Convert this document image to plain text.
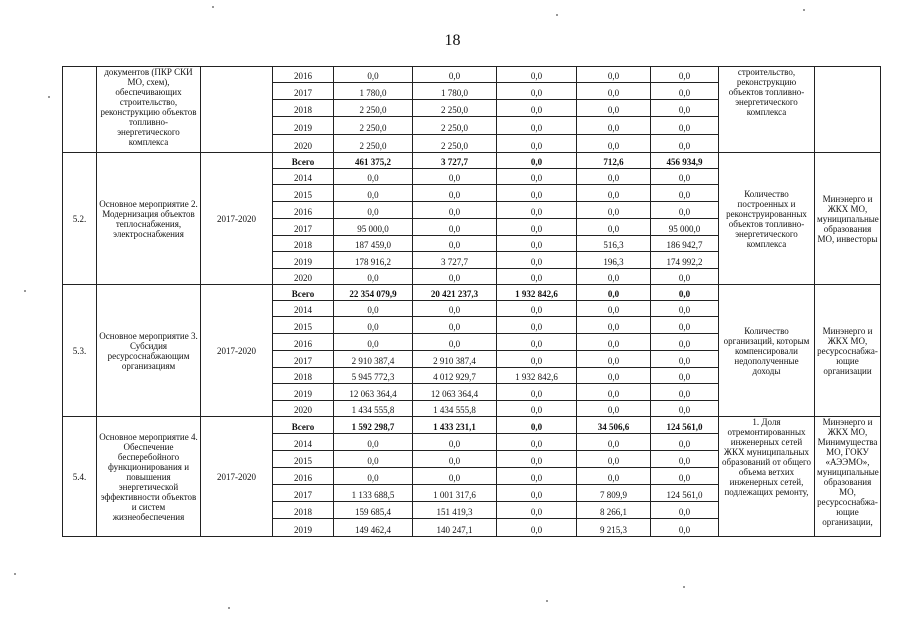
18
	документов (ПКР СКИ МО, схем), обеспечивающих строительство, реконструкцию объектов топливно-энергетического комплекса		2016	0,0	0,0	0,0	0,0	0,0	строительство, реконструкцию объектов топливно-энергетического комплекса	
			2017	1 780,0	1 780,0	0,0	0,0	0,0		
			2018	2 250,0	2 250,0	0,0	0,0	0,0		
			2019	2 250,0	2 250,0	0,0	0,0	0,0		
			2020	2 250,0	2 250,0	0,0	0,0	0,0		
5.2.	Основное мероприятие 2. Модернизация объектов теплоснабжения, электроснабжения	2017-2020	Всего	461 375,2	3 727,7	0,0	712,6	456 934,9	Количество построенных и реконструированных объектов топливно-энергетического комплекса	Минэнерго и ЖКХ МО, муниципальные образования МО, инвесторы
			2014	0,0	0,0	0,0	0,0	0,0		
			2015	0,0	0,0	0,0	0,0	0,0		
			2016	0,0	0,0	0,0	0,0	0,0		
			2017	95 000,0	0,0	0,0	0,0	95 000,0		
			2018	187 459,0	0,0	0,0	516,3	186 942,7		
			2019	178 916,2	3 727,7	0,0	196,3	174 992,2		
			2020	0,0	0,0	0,0	0,0	0,0		
5.3.	Основное мероприятие 3. Субсидия ресурсоснабжающим организациям	2017-2020	Всего	22 354 079,9	20 421 237,3	1 932 842,6	0,0	0,0	Количество организаций, которым компенсировали недополученные доходы	Минэнерго и ЖКХ МО, ресурсоснабжа-ющие организации
			2014	0,0	0,0	0,0	0,0	0,0		
			2015	0,0	0,0	0,0	0,0	0,0		
			2016	0,0	0,0	0,0	0,0	0,0		
			2017	2 910 387,4	2 910 387,4	0,0	0,0	0,0		
			2018	5 945 772,3	4 012 929,7	1 932 842,6	0,0	0,0		
			2019	12 063 364,4	12 063 364,4	0,0	0,0	0,0		
			2020	1 434 555,8	1 434 555,8	0,0	0,0	0,0		
5.4.	Основное мероприятие 4. Обеспечение бесперебойного функционирования и повышения энергетической эффективности объектов и систем жизнеобеспечения	2017-2020	Всего	1 592 298,7	1 433 231,1	0,0	34 506,6	124 561,0	1. Доля отремонтированных инженерных сетей ЖКХ муниципальных образований от общего объема ветхих инженерных сетей, подлежащих ремонту,	Минэнерго и ЖКХ МО, Минимущества МО, ГОКУ «АЭЭМО», муниципальные образования МО, ресурсоснабжа-ющие организации,
			2014	0,0	0,0	0,0	0,0	0,0		
			2015	0,0	0,0	0,0	0,0	0,0		
			2016	0,0	0,0	0,0	0,0	0,0		
			2017	1 133 688,5	1 001 317,6	0,0	7 809,9	124 561,0		
			2018	159 685,4	151 419,3	0,0	8 266,1	0,0		
			2019	149 462,4	140 247,1	0,0	9 215,3	0,0		
